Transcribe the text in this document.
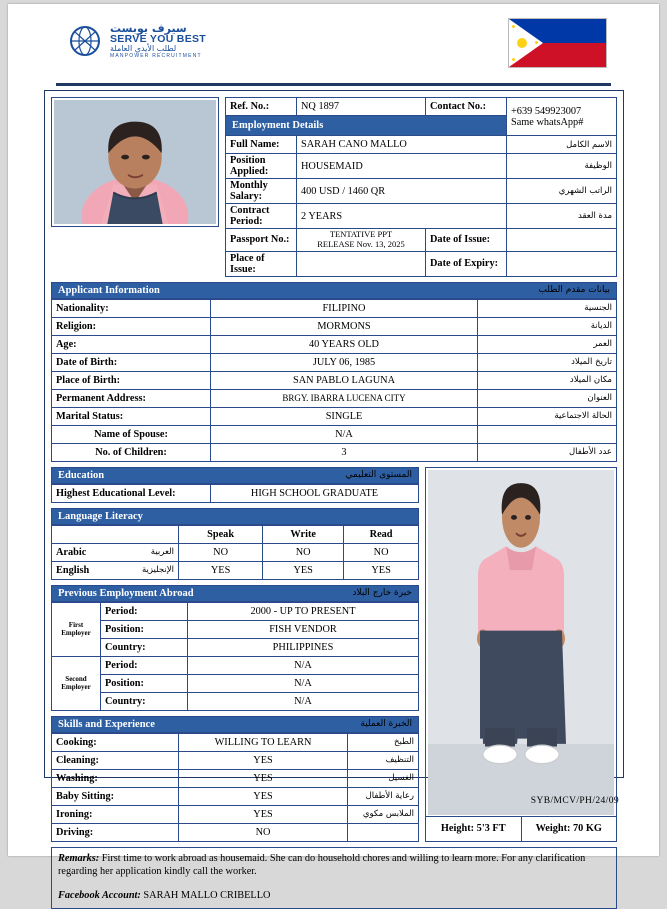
سيرف يوبست
SERVE YOU BEST
لطلب الأيدي العاملة
MANPOWER RECRUITMENT
Ref. No.:	NQ 1897	Contact No.:	+639 549923007
Same whatsApp#

Employment Details			
Full Name:	SARAH CANO MALLO		الاسم الكامل
Position Applied:	HOUSEMAID		الوظيفة
Monthly Salary:	400 USD / 1460 QR		الراتب الشهري
Contract Period:	2 YEARS		مدة العقد
Passport No.:	TENTATIVE PPT
RELEASE Nov. 13, 2025	Date of Issue:	
Place of Issue:		Date of Expiry:	
Applicant Information	بيانات مقدم الطلب
Nationality:	FILIPINO	الجنسية
Religion:	MORMONS	الديانة
Age:	40 YEARS OLD	العمر
Date of Birth:	JULY 06, 1985	تاريخ الميلاد
Place of Birth:	SAN PABLO LAGUNA	مكان الميلاد
Permanent Address:	BRGY. IBARRA LUCENA CITY	العنوان
Marital Status:	SINGLE	الحالة الاجتماعية
Name of Spouse:	N/A	
No. of Children:	3	عدد الأطفال
Education	المستوى التعليمي
Highest Educational Level:	HIGH SCHOOL GRADUATE
Language Literacy
	Speak	Write	Read
Arabic العربية	NO	NO	NO
English الإنجليزية	YES	YES	YES
Previous Employment Abroad	خبرة خارج البلاد
First Employer	Period:	2000 - UP TO PRESENT
	Position:	FISH VENDOR
	Country:	PHILIPPINES
Second Employer	Period:	N/A
	Position:	N/A
	Country:	N/A
Skills and Experience	الخبرة العملية
Cooking:	WILLING TO LEARN	الطبخ
Cleaning:	YES	التنظيف
Washing:	YES	الغسيل
Baby Sitting:	YES	رعاية الأطفال
Ironing:	YES	الملابس مكوي
Driving:	NO		Height: 5'3 FT	Weight: 70 KG
Remarks: First time to work abroad as housemaid. She can do household chores and willing to learn more. For any clarification regarding her application kindly call the worker.
Facebook Account: SARAH MALLO CRIBELLO
SYB/MCV/PH/24/09
